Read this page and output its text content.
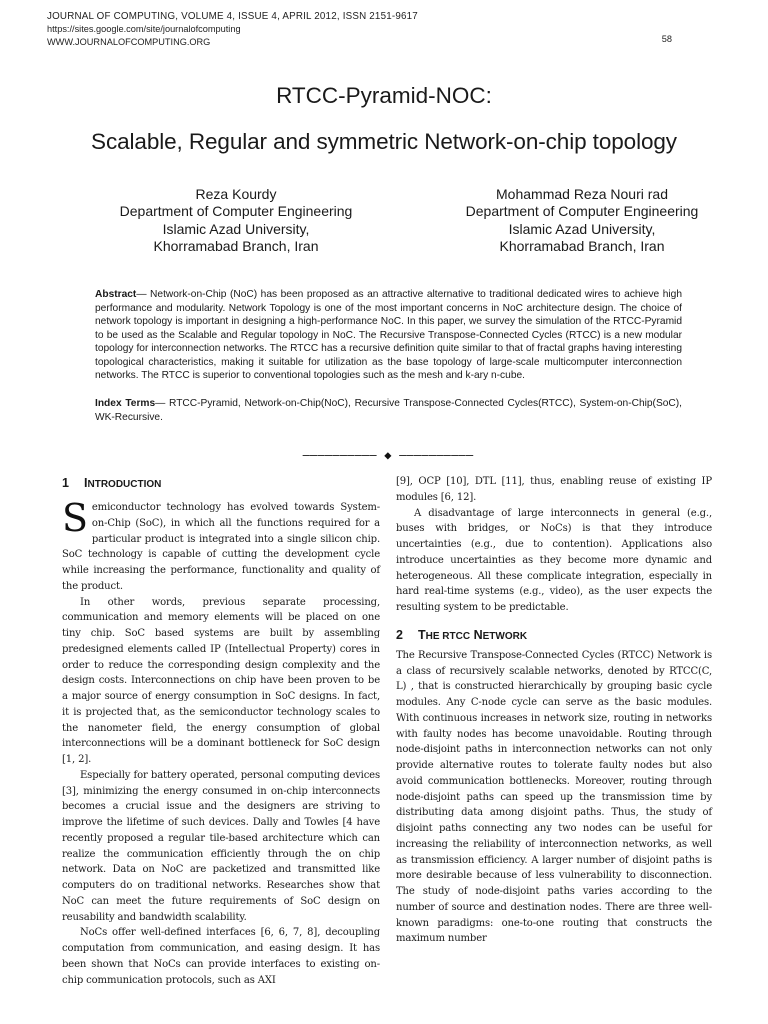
JOURNAL OF COMPUTING, VOLUME 4, ISSUE 4, APRIL 2012, ISSN 2151-9617
https://sites.google.com/site/journalofcomputing
WWW.JOURNALOFCOMPUTING.ORG	58
RTCC-Pyramid-NOC:
Scalable, Regular and symmetric Network-on-chip topology
Reza Kourdy
Department of Computer Engineering
Islamic Azad University,
Khorramabad Branch, Iran
Mohammad Reza Nouri rad
Department of Computer Engineering
Islamic Azad University,
Khorramabad Branch, Iran
Abstract— Network-on-Chip (NoC) has been proposed as an attractive alternative to traditional dedicated wires to achieve high performance and modularity. Network Topology is one of the most important concerns in NoC architecture design. The choice of network topology is important in designing a high-performance NoC. In this paper, we survey the simulation of the RTCC-Pyramid to be used as the Scalable and Regular topology in NoC. The Recursive Transpose-Connected Cycles (RTCC) is a new modular topology for interconnection networks. The RTCC has a recursive definition quite similar to that of fractal graphs having interesting topological characteristics, making it suitable for utilization as the base topology of large-scale multicomputer interconnection networks. The RTCC is superior to conventional topologies such as the mesh and k-ary n-cube.
Index Terms— RTCC-Pyramid, Network-on-Chip(NoC), Recursive Transpose-Connected Cycles(RTCC), System-on-Chip(SoC), WK-Recursive.
—————————— ◆ ——————————
1 INTRODUCTION

Semiconductor technology has evolved towards System-on-Chip (SoC), in which all the functions required for a particular product is integrated into a single silicon chip. SoC technology is capable of cutting the development cycle while increasing the performance, functionality and quality of the product.

In other words, previous separate processing, communication and memory elements will be placed on one tiny chip. SoC based systems are built by assembling predesigned elements called IP (Intellectual Property) cores in order to reduce the corresponding design complexity and the design costs. Interconnections on chip have been proven to be a major source of energy consumption in SoC designs. In fact, it is projected that, as the semiconductor technology scales to the nanometer field, the energy consumption of global interconnections will be a dominant bottleneck for SoC design [1, 2].

Especially for battery operated, personal computing devices [3], minimizing the energy consumed in on-chip interconnects becomes a crucial issue and the designers are striving to improve the lifetime of such devices. Dally and Towles [4 have recently proposed a regular tile-based architecture which can realize the communication efficiently through the on chip network. Data on NoC are packetized and transmitted like computers do on traditional networks. Researches show that NoC can meet the future requirements of SoC design on reusability and bandwidth scalability.

NoCs offer well-defined interfaces [6, 6, 7, 8], decoupling computation from communication, and easing design. It has been shown that NoCs can provide interfaces to existing on-chip communication protocols, such as AXI

[9], OCP [10], DTL [11], thus, enabling reuse of existing IP modules [6, 12].

A disadvantage of large interconnects in general (e.g., buses with bridges, or NoCs) is that they introduce uncertainties (e.g., due to contention). Applications also introduce uncertainties as they become more dynamic and heterogeneous. All these complicate integration, especially in hard real-time systems (e.g., video), as the user expects the resulting system to be predictable.

2 THE RTCC NETWORK

The Recursive Transpose-Connected Cycles (RTCC) Network is a class of recursively scalable networks, denoted by RTCC(C, L) , that is constructed hierarchically by grouping basic cycle modules. Any C-node cycle can serve as the basic modules. With continuous increases in network size, routing in networks with faulty nodes has become unavoidable. Routing through node-disjoint paths in interconnection networks can not only provide alternative routes to tolerate faulty nodes but also avoid communication bottlenecks. Moreover, routing through node-disjoint paths can speed up the transmission time by distributing data among disjoint paths. Thus, the study of disjoint paths connecting any two nodes can be useful for increasing the reliability of interconnection networks, as well as transmission efficiency. A larger number of disjoint paths is more desirable because of less vulnerability to disconnection. The study of node-disjoint paths varies according to the number of source and destination nodes. There are three well-known paradigms: one-to-one routing that constructs the maximum number
